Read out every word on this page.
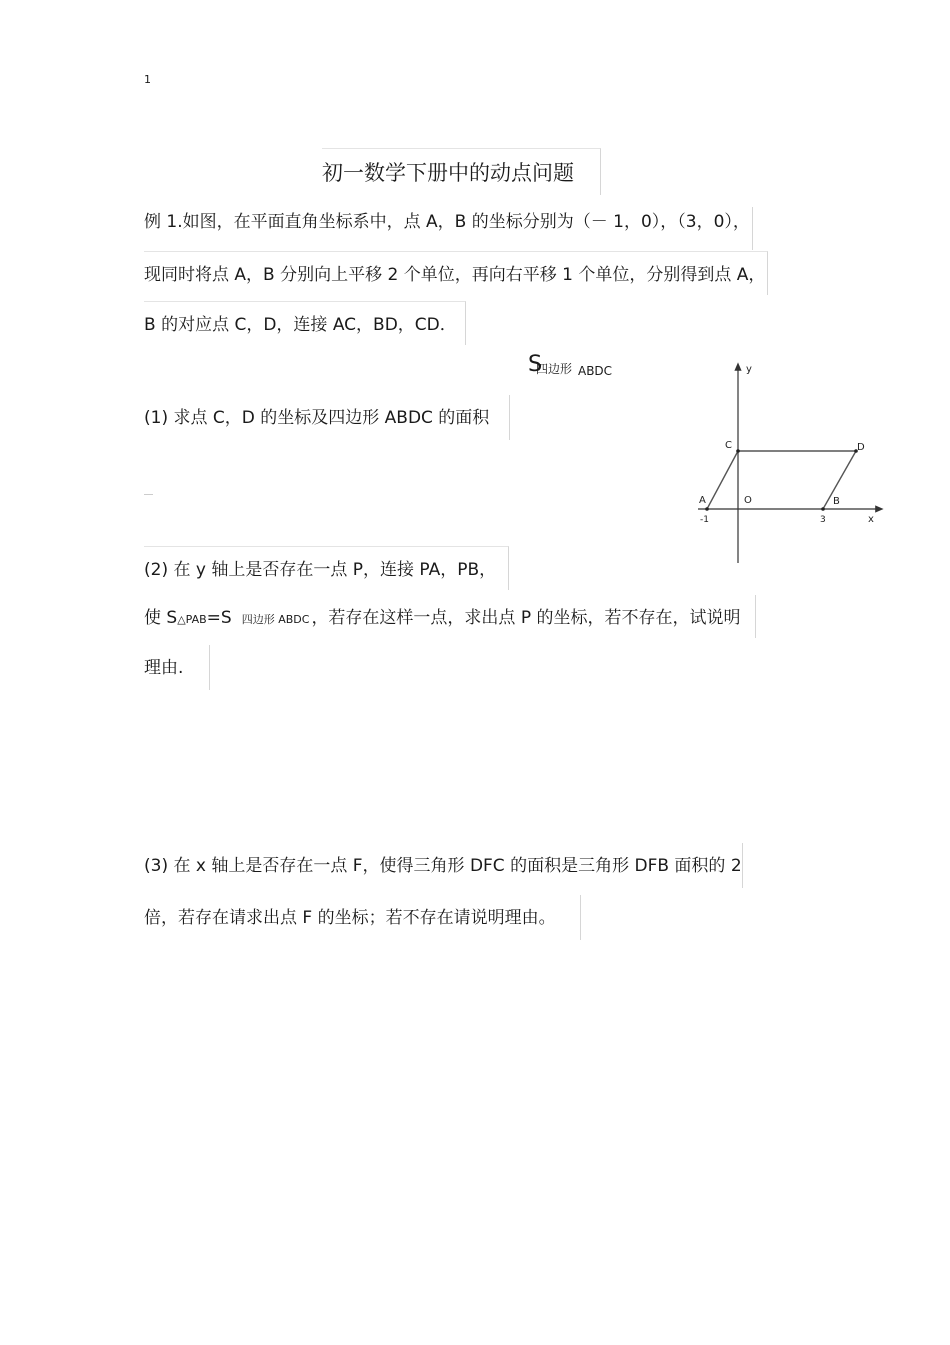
1
初一数学下册中的动点问题
例 1.如图，在平面直角坐标系中，点 A，B 的坐标分别为（－ 1，0），（3，0），
现同时将点 A，B 分别向上平移 2 个单位，再向右平移 1 个单位，分别得到点 A，
B 的对应点 C，D，连接 AC，BD，CD．
S四边形 $_{ABDC}$
(1) 求点 C，D 的坐标及四边形 ABDC 的面积
(2) 在 y 轴上是否存在一点 P，连接 PA，PB，
使 S△PAB=S 四边形 ABDC ，若存在这样一点，求出点 P 的坐标，若不存在，试说明
理由.
(3) 在 x 轴上是否存在一点 F，使得三角形 DFC 的面积是三角形 DFB 面积的 2
倍，若存在请求出点 F 的坐标；若不存在请说明理由。
y
x
O
A	B
C	D
-1	3
